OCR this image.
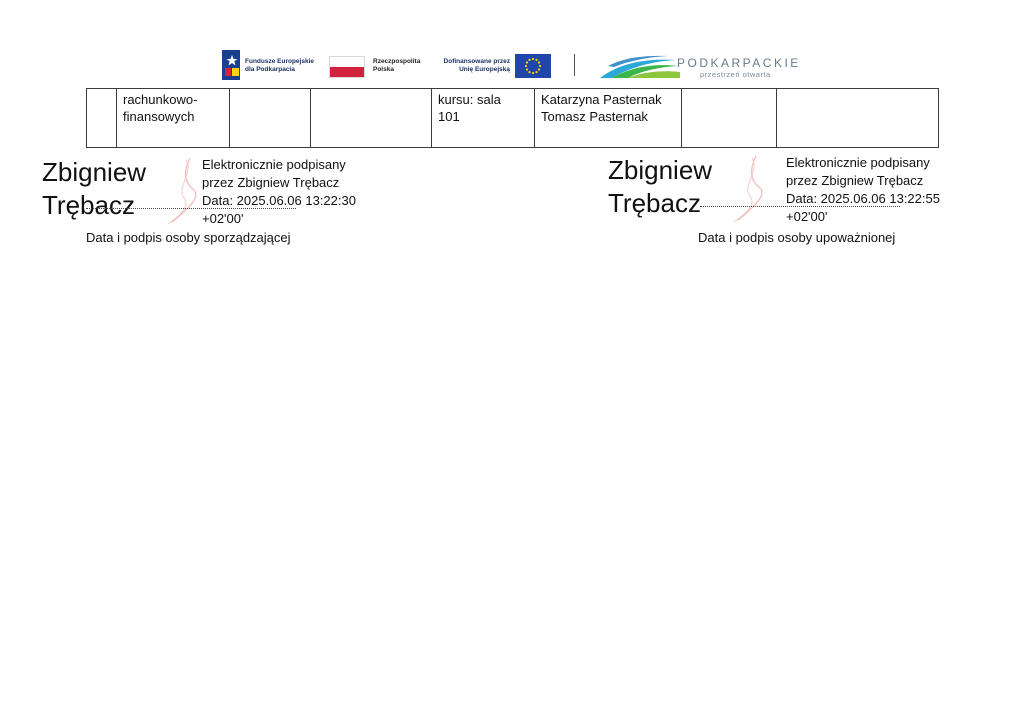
Fundusze Europejskie
dla Podkarpacia
Rzeczpospolita
Polska
Dofinansowane przez
Unię Europejską	PODKARPACKIE
przestrzeń otwarta

rachunkowo-
finansowych

kursu: sala
101

Katarzyna Pasternak
Tomasz Pasternak

Zbigniew
Trębacz
Elektronicznie podpisany
przez Zbigniew Trębacz
Data: 2025.06.06 13:22:30
+02'00'
Data i podpis osoby sporządzającej
Zbigniew
Trębacz
Elektronicznie podpisany
przez Zbigniew Trębacz
Data: 2025.06.06 13:22:55
+02'00'
Data i podpis osoby upoważnionej
